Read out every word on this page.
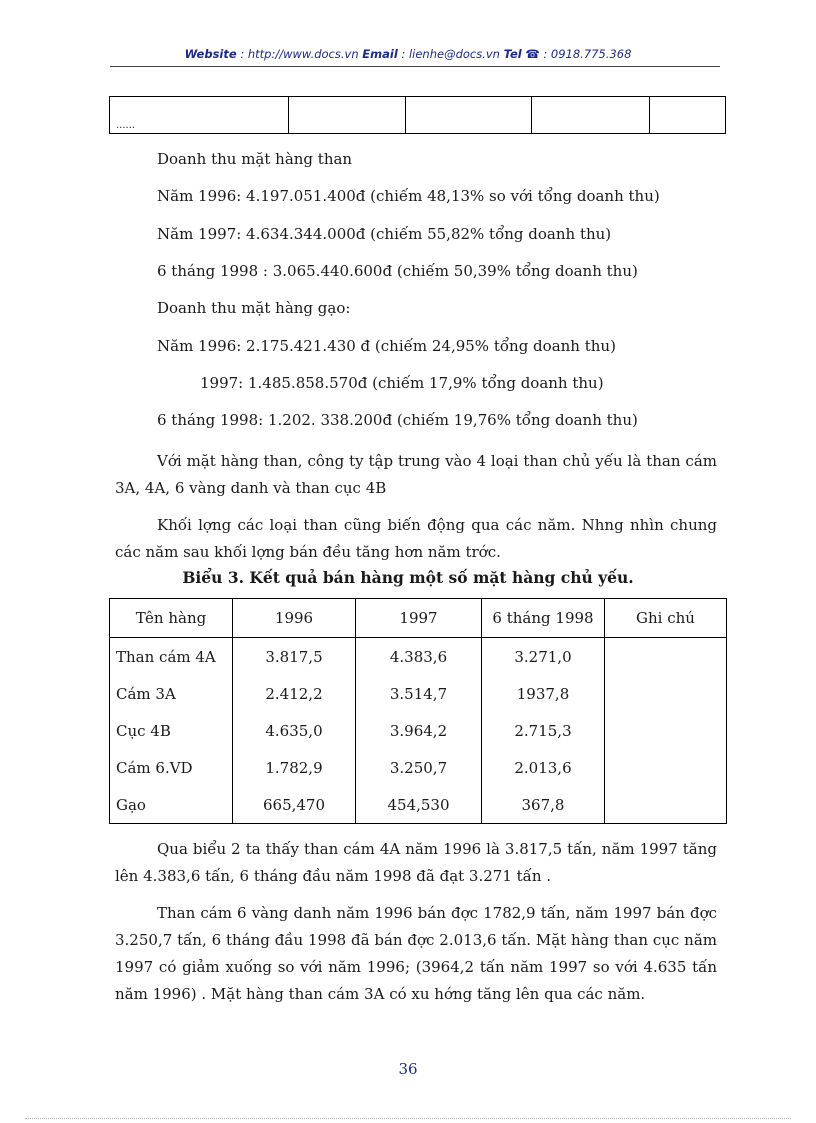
Website : http://www.docs.vn Email : lienhe@docs.vn Tel ☎ : 0918.775.368
......				
Doanh thu mặt hàng than
Năm 1996: 4.197.051.400đ (chiếm 48,13% so với tổng doanh thu)
Năm 1997: 4.634.344.000đ (chiếm 55,82% tổng doanh thu)
6 tháng 1998 : 3.065.440.600đ (chiếm 50,39% tổng doanh thu)
Doanh thu mặt hàng gạo:
Năm 1996: 2.175.421.430 đ (chiếm 24,95% tổng doanh thu)
1997: 1.485.858.570đ (chiếm 17,9% tổng doanh thu)
6 tháng 1998: 1.202. 338.200đ (chiếm 19,76% tổng doanh thu)
Với mặt hàng than, công ty tập trung vào 4 loại than chủ yếu là than cám 3A, 4A, 6 vàng danh và than cục 4B
Khối lợng các loại than cũng biến động qua các năm. Nhng nhìn chung các năm sau khối lợng bán đều tăng hơn năm trớc.
Biểu 3. Kết quả bán hàng một số mặt hàng chủ yếu.
Tên hàng	1996	1997	6 tháng 1998	Ghi chú
Than cám 4A	3.817,5	4.383,6	3.271,0	
Cám 3A	2.412,2	3.514,7	1937,8	
Cục 4B	4.635,0	3.964,2	2.715,3	
Cám 6.VD	1.782,9	3.250,7	2.013,6	
Gạo	665,470	454,530	367,8	
Qua biểu 2 ta thấy than cám 4A năm 1996 là 3.817,5 tấn, năm 1997 tăng lên 4.383,6 tấn, 6 tháng đầu năm 1998 đã đạt 3.271 tấn .
Than cám 6 vàng danh năm 1996 bán đợc 1782,9 tấn, năm 1997 bán đợc 3.250,7 tấn, 6 tháng đầu 1998 đã bán đợc 2.013,6 tấn. Mặt hàng than cục năm 1997 có giảm xuống so với năm 1996; (3964,2 tấn năm 1997 so với 4.635 tấn năm 1996) . Mặt hàng than cám 3A có xu hớng tăng lên qua các năm.
36
